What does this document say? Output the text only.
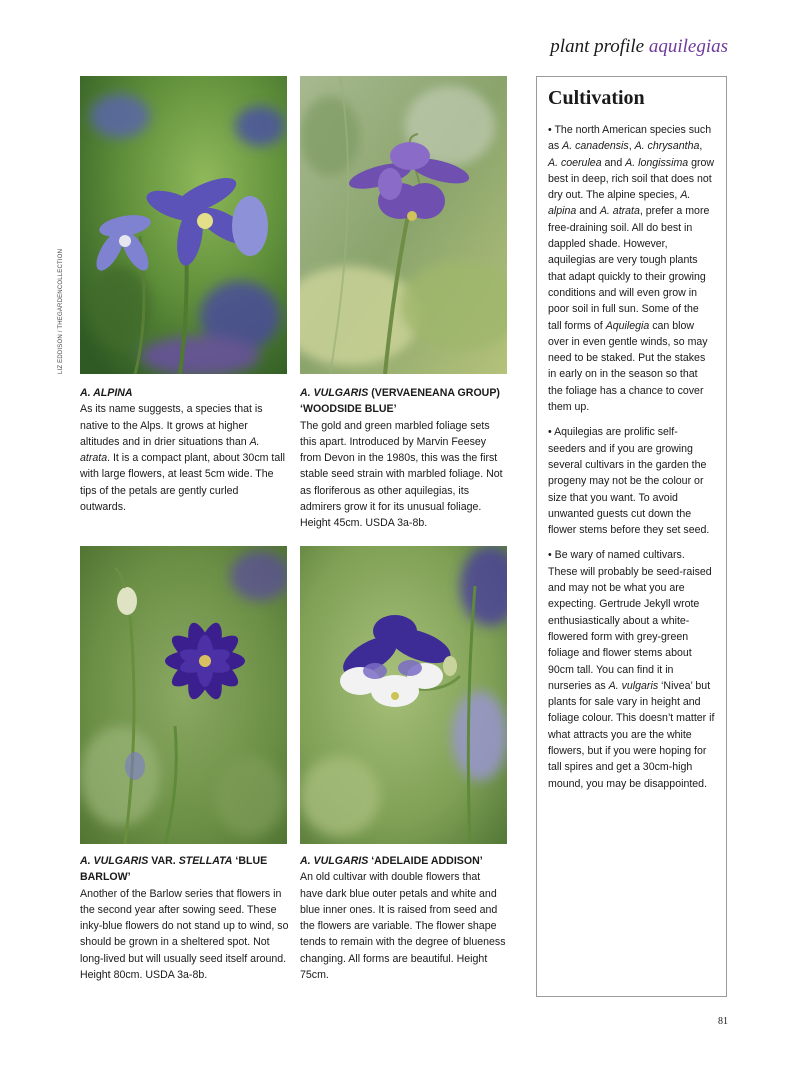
plant profile aquilegias
LIZ EDDISON / THEGARDENCOLLECTION
A. ALPINA
As its name suggests, a species that is native to the Alps. It grows at higher altitudes and in drier situations than A. atrata. It is a compact plant, about 30cm tall with large flowers, at least 5cm wide. The tips of the petals are gently curled outwards.
A. VULGARIS (VERVAENEANA GROUP) ‘WOODSIDE BLUE’
The gold and green marbled foliage sets this apart. Introduced by Marvin Feesey from Devon in the 1980s, this was the first stable seed strain with marbled foliage. Not as floriferous as other aquilegias, its admirers grow it for its unusual foliage. Height 45cm. USDA 3a-8b.
A. VULGARIS VAR. STELLATA ‘BLUE BARLOW’
Another of the Barlow series that flowers in the second year after sowing seed. These inky-blue flowers do not stand up to wind, so should be grown in a sheltered spot. Not long-lived but will usually seed itself around. Height 80cm. USDA 3a-8b.
A. VULGARIS ‘ADELAIDE ADDISON’
An old cultivar with double flowers that have dark blue outer petals and white and blue inner ones. It is raised from seed and the flowers are variable. The flower shape tends to remain with the degree of blueness changing. All forms are beautiful. Height 75cm.
Cultivation

• The north American species such as A. canadensis, A. chrysantha, A. coerulea and A. longissima grow best in deep, rich soil that does not dry out. The alpine species, A. alpina and A. atrata, prefer a more free-draining soil. All do best in dappled shade. However, aquilegias are very tough plants that adapt quickly to their growing conditions and will even grow in poor soil in full sun. Some of the tall forms of Aquilegia can blow over in even gentle winds, so may need to be staked. Put the stakes in early on in the season so that the foliage has a chance to cover them up.

• Aquilegias are prolific self-seeders and if you are growing several cultivars in the garden the progeny may not be the colour or size that you want. To avoid unwanted guests cut down the flower stems before they set seed.

• Be wary of named cultivars. These will probably be seed-raised and may not be what you are expecting. Gertrude Jekyll wrote enthusiastically about a white-flowered form with grey-green foliage and flower stems about 90cm tall. You can find it in nurseries as A. vulgaris ‘Nivea’ but plants for sale vary in height and foliage colour. This doesn’t matter if what attracts you are the white flowers, but if you were hoping for tall spires and get a 30cm-high mound, you may be disappointed.

81
